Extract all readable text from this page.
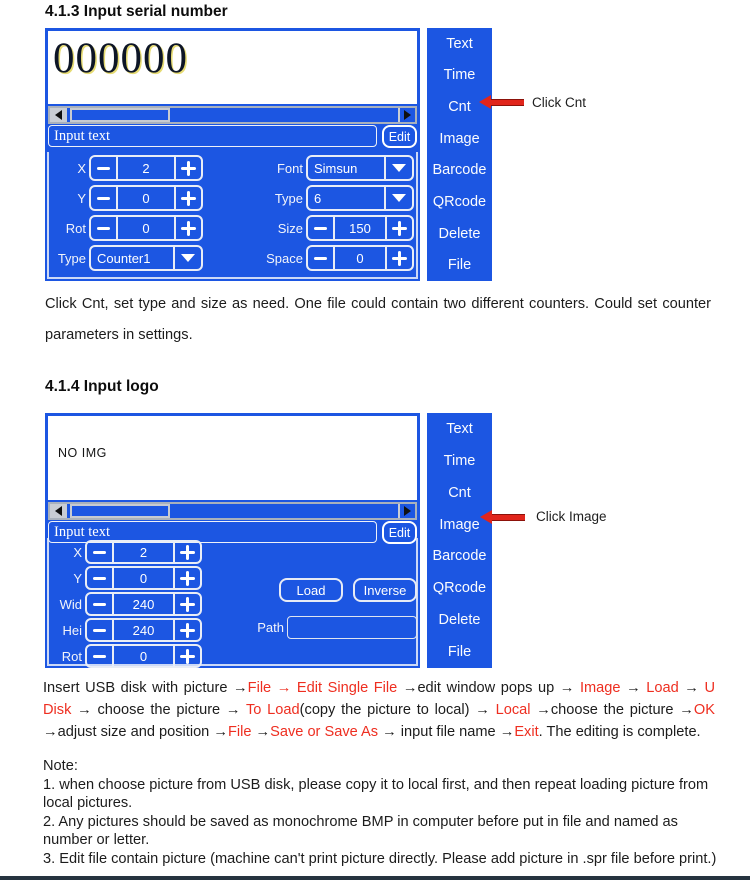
4.1.3 Input serial number
000000
Input text
Edit
X	2
Y	0
Rot	0
Type Counter1
Font Simsun
Type 6
Size	150
Space	0
Text
Time
Cnt
Image
Barcode
QRcode
Delete
File
Click Cnt
Click Cnt, set type and size as need. One file could contain two different counters. Could set counter parameters in settings.
4.1.4 Input logo
NO IMG
Input text
Edit
X	2
Y	0
Wid	240
Hei	240
Rot	0
Load	Inverse
Path
Text
Time
Cnt
Image
Barcode
QRcode
Delete
File
Click Image
Insert USB disk with picture →File → Edit Single File →edit window pops up → Image → Load → U Disk → choose the picture → To Load(copy the picture to local) → Local →choose the picture →OK →adjust size and position →File →Save or Save As → input file name →Exit. The editing is complete.
Note:
1. when choose picture from USB disk, please copy it to local first, and then repeat loading picture from local pictures.
2. Any pictures should be saved as monochrome BMP in computer before put in file and named as number or letter.
3. Edit file contain picture (machine can't print picture directly. Please add picture in .spr file before print.)
